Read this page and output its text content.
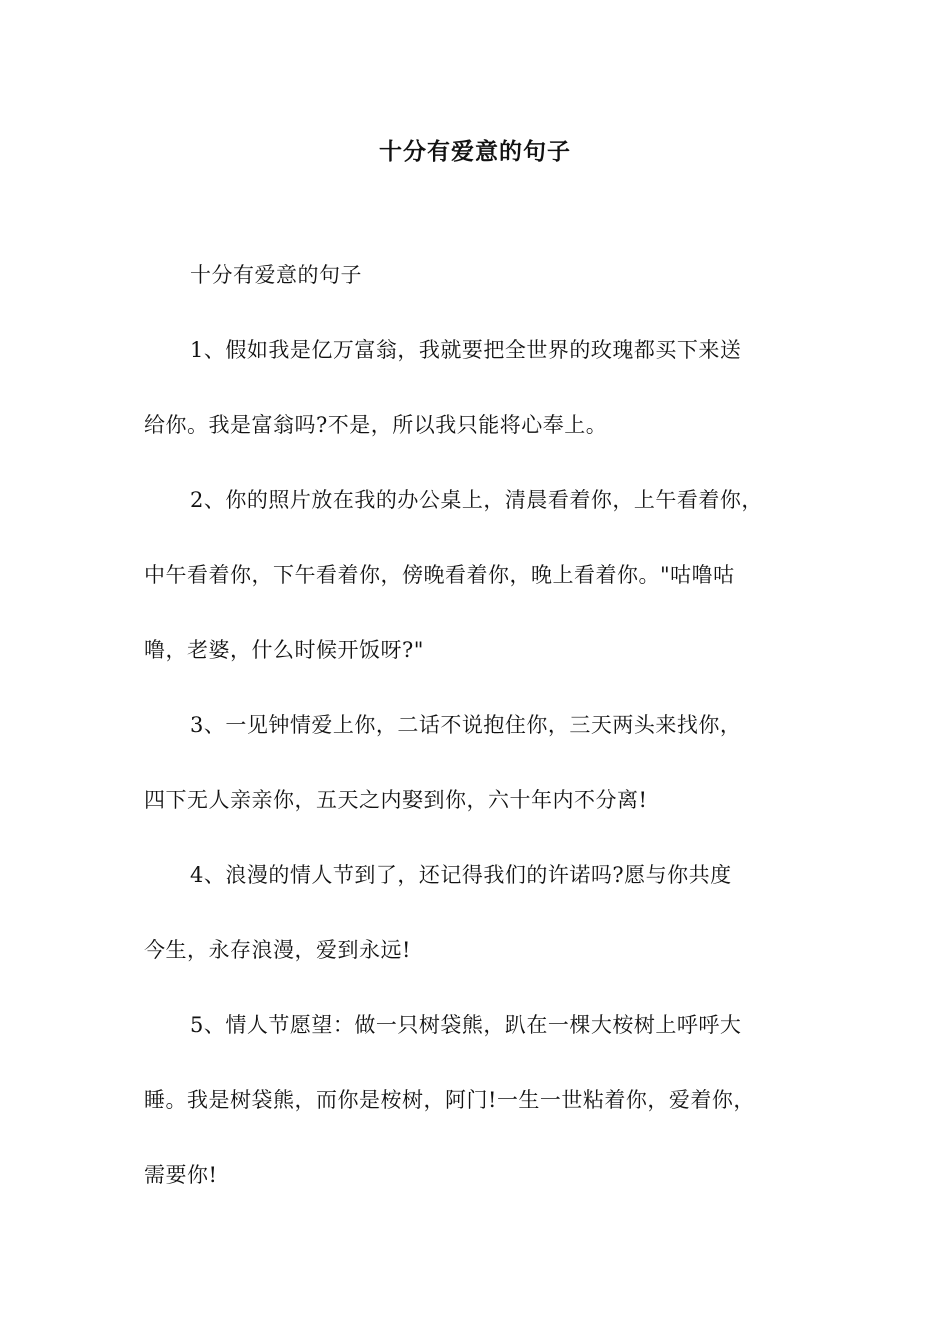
十分有爱意的句子
十分有爱意的句子
1、假如我是亿万富翁，我就要把全世界的玫瑰都买下来送
给你。我是富翁吗?不是，所以我只能将心奉上。
2、你的照片放在我的办公桌上，清晨看着你，上午看着你，
中午看着你，下午看着你，傍晚看着你，晚上看着你。"咕噜咕
噜，老婆，什么时候开饭呀?"
3、一见钟情爱上你，二话不说抱住你，三天两头来找你，
四下无人亲亲你，五天之内娶到你，六十年内不分离!
4、浪漫的情人节到了，还记得我们的许诺吗?愿与你共度
今生，永存浪漫，爱到永远!
5、情人节愿望：做一只树袋熊，趴在一棵大桉树上呼呼大
睡。我是树袋熊，而你是桉树，阿门!一生一世粘着你，爱着你，
需要你!
